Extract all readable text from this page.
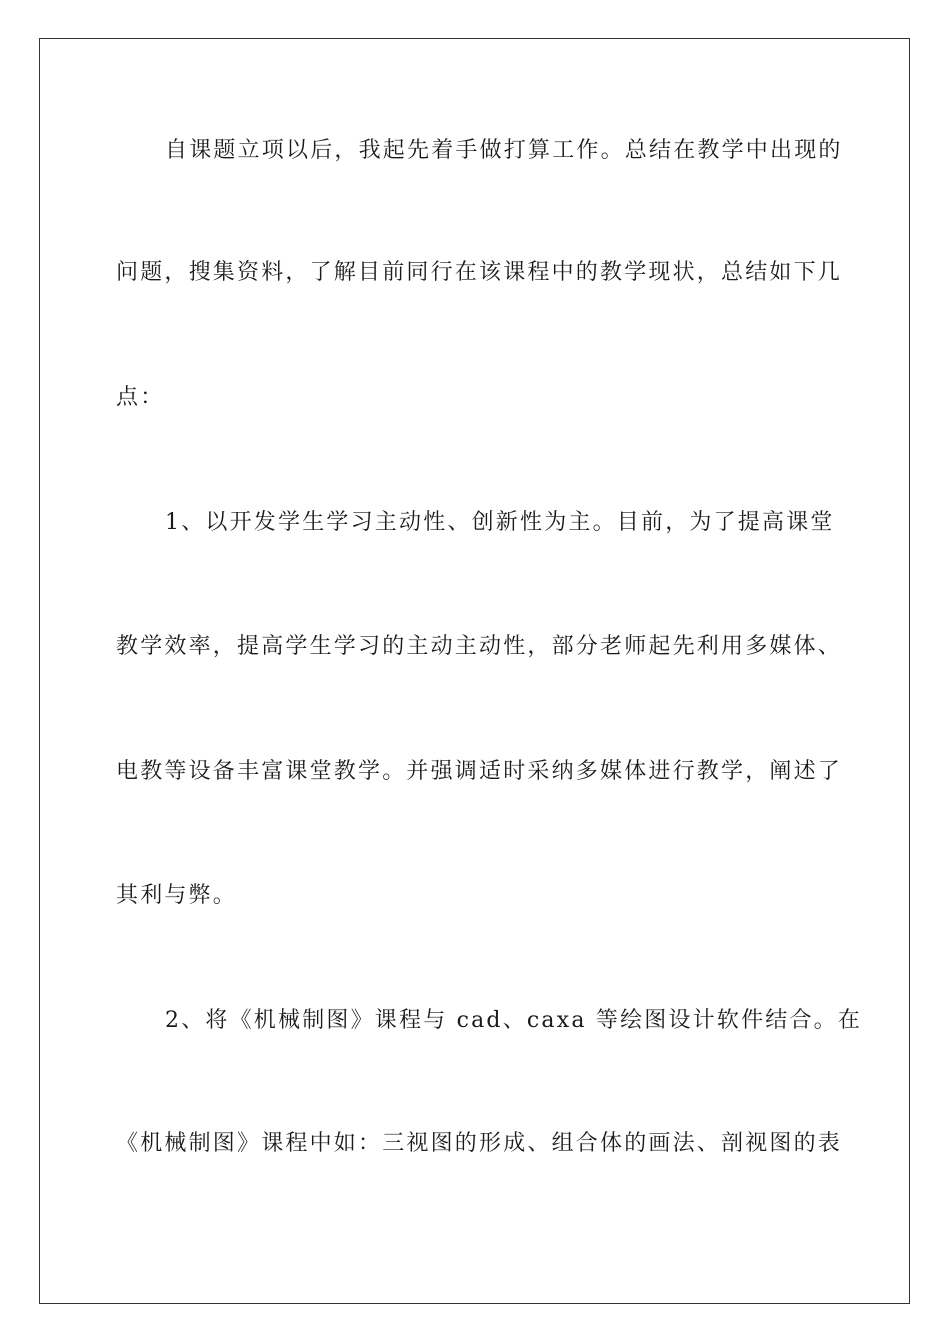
自课题立项以后，我起先着手做打算工作。总结在教学中出现的
问题，搜集资料，了解目前同行在该课程中的教学现状，总结如下几
点：
1、以开发学生学习主动性、创新性为主。目前，为了提高课堂
教学效率，提高学生学习的主动主动性，部分老师起先利用多媒体、
电教等设备丰富课堂教学。并强调适时采纳多媒体进行教学，阐述了
其利与弊。
2、将《机械制图》课程与 cad、caxa 等绘图设计软件结合。在
《机械制图》课程中如：三视图的形成、组合体的画法、剖视图的表
